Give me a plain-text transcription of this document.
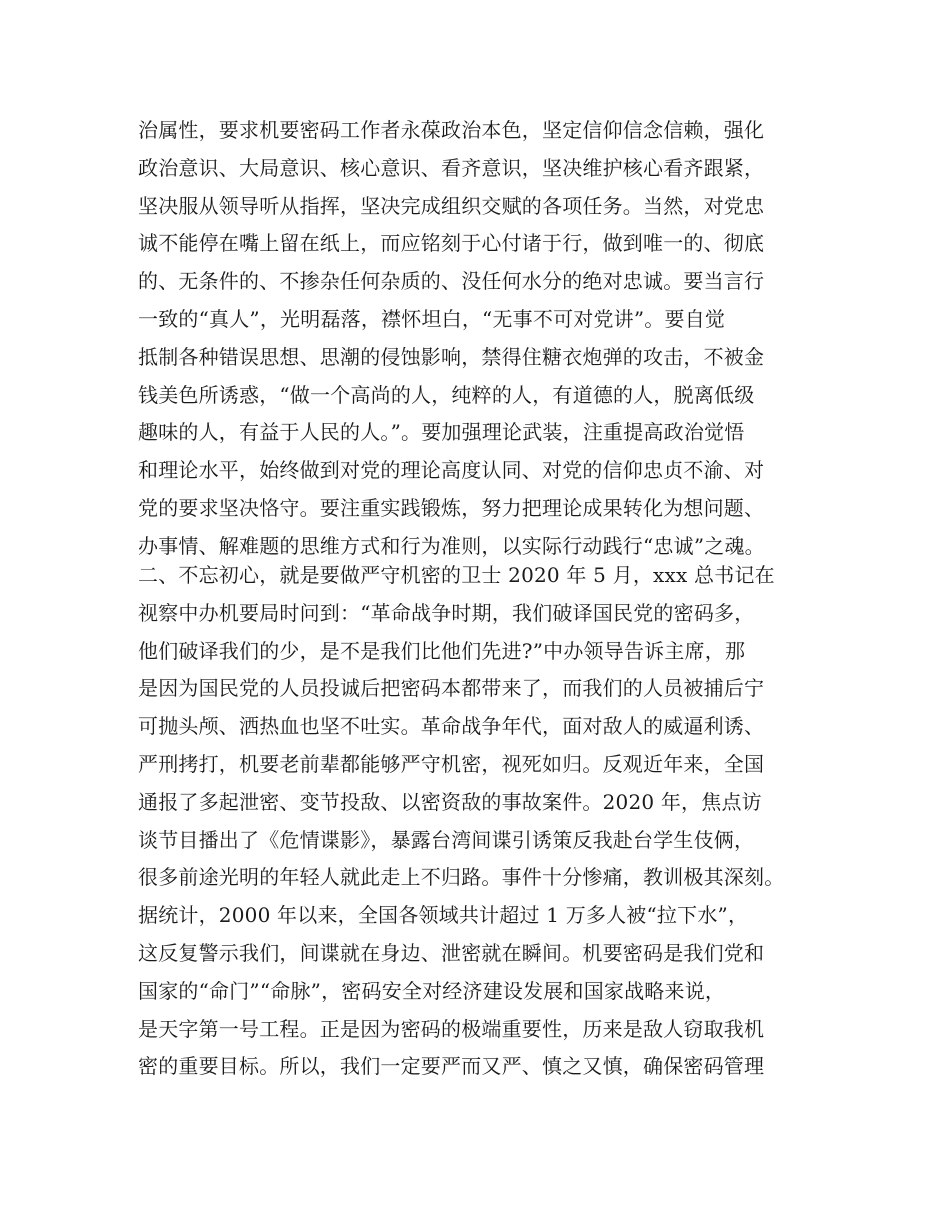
治属性，要求机要密码工作者永葆政治本色，坚定信仰信念信赖，强化
政治意识、大局意识、核心意识、看齐意识，坚决维护核心看齐跟紧，
坚决服从领导听从指挥，坚决完成组织交赋的各项任务。当然，对党忠
诚不能停在嘴上留在纸上，而应铭刻于心付诸于行，做到唯一的、彻底
的、无条件的、不掺杂任何杂质的、没任何水分的绝对忠诚。要当言行
一致的“真人”，光明磊落，襟怀坦白，“无事不可对党讲”。要自觉
抵制各种错误思想、思潮的侵蚀影响，禁得住糖衣炮弹的攻击，不被金
钱美色所诱惑，“做一个高尚的人，纯粹的人，有道德的人，脱离低级
趣味的人，有益于人民的人。”。要加强理论武装，注重提高政治觉悟
和理论水平，始终做到对党的理论高度认同、对党的信仰忠贞不渝、对
党的要求坚决恪守。要注重实践锻炼，努力把理论成果转化为想问题、
办事情、解难题的思维方式和行为准则，以实际行动践行“忠诚”之魂。
二、不忘初心，就是要做严守机密的卫士 2020 年 5 月，xxx 总书记在
视察中办机要局时问到：“革命战争时期，我们破译国民党的密码多，
他们破译我们的少，是不是我们比他们先进?”中办领导告诉主席，那
是因为国民党的人员投诚后把密码本都带来了，而我们的人员被捕后宁
可抛头颅、洒热血也坚不吐实。革命战争年代，面对敌人的威逼利诱、
严刑拷打，机要老前辈都能够严守机密，视死如归。反观近年来，全国
通报了多起泄密、变节投敌、以密资敌的事故案件。2020 年，焦点访
谈节目播出了《危情谍影》，暴露台湾间谍引诱策反我赴台学生伎俩，
很多前途光明的年轻人就此走上不归路。事件十分惨痛，教训极其深刻。
据统计，2000 年以来，全国各领域共计超过 1 万多人被“拉下水”，
这反复警示我们，间谍就在身边、泄密就在瞬间。机要密码是我们党和
国家的“命门”“命脉”，密码安全对经济建设发展和国家战略来说，
是天字第一号工程。正是因为密码的极端重要性，历来是敌人窃取我机
密的重要目标。所以，我们一定要严而又严、慎之又慎，确保密码管理
